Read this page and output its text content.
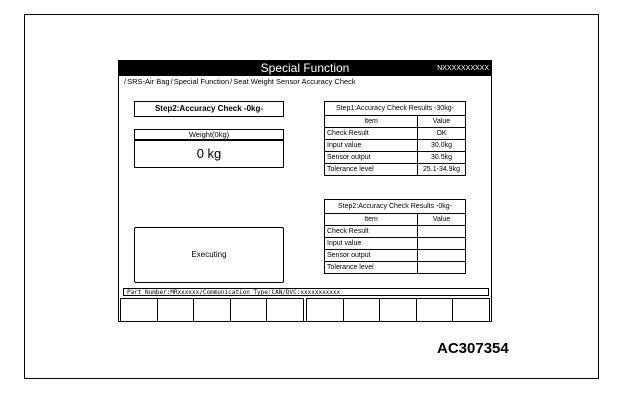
Special Function	NXXXXXXXXXX
/SRS-Air Bag/Special Function/Seat Weight Sensor Accuracy Check
Step2:Accuracy Check -0kg-
Weight(0kg)
0 kg
Executing
Step1:Accuracy Check Results -30kg-	
Item	Value
Check Result	OK
Input value	30.0kg
Sensor output	30.5kg
Tolerance level	25.1-34.9kg
Step2:Accuracy Check Results -0kg-	
Item	Value
Check Result	
Input value	
Sensor output	
Tolerance level	
Part Number:MRxxxxxx/Communication Type:CAN/DVC:xxxxxxxxxxx
AC307354
